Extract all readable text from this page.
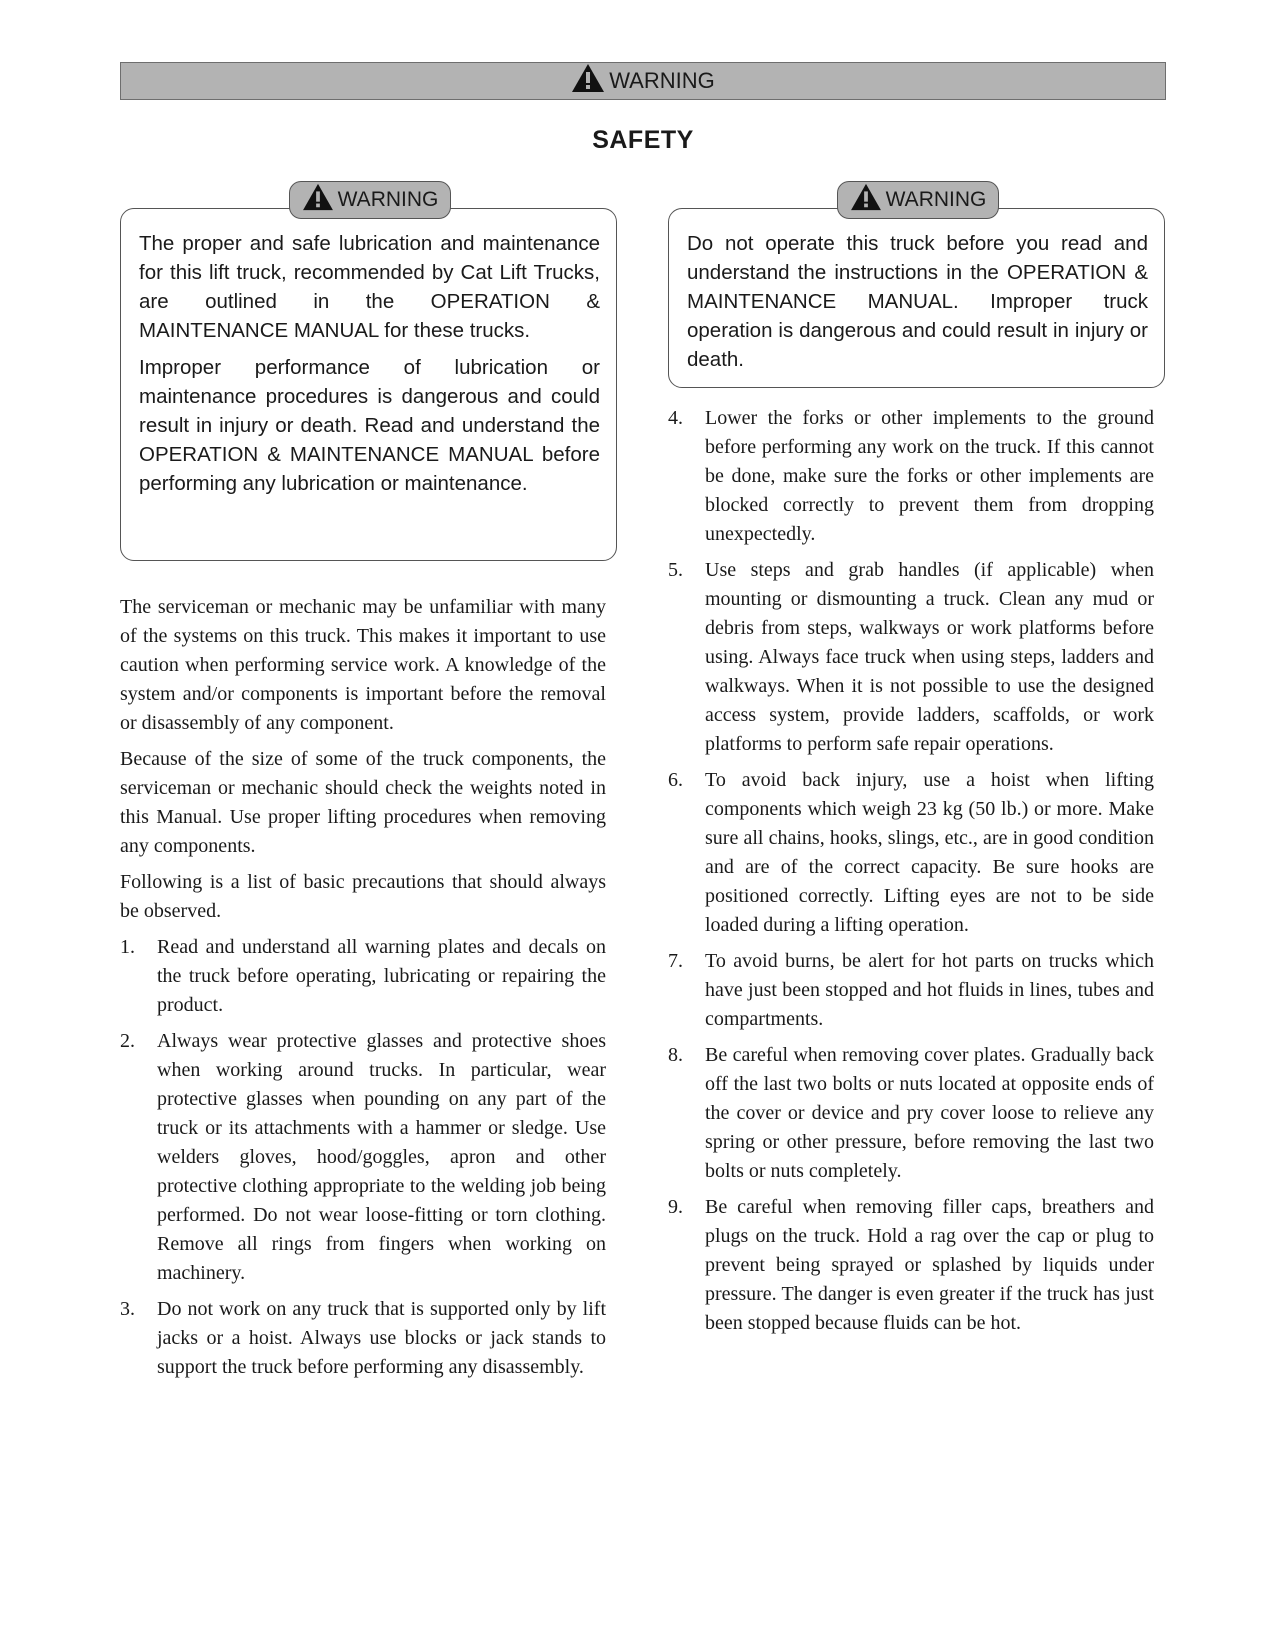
WARNING
SAFETY

The proper and safe lubrication and maintenance for this lift truck, recommended by Cat Lift Trucks, are outlined in the OPERATION & MAINTENANCE MANUAL for these trucks.

Improper performance of lubrication or maintenance procedures is dangerous and could result in injury or death. Read and understand the OPERATION & MAINTENANCE MANUAL before performing any lubrication or maintenance.

WARNING

Do not operate this truck before you read and understand the instructions in the OPERATION & MAINTENANCE MANUAL. Improper truck operation is dangerous and could result in injury or death.

WARNING

The serviceman or mechanic may be unfamiliar with many of the systems on this truck. This makes it important to use caution when performing service work. A knowledge of the system and/or components is important before the removal or disassembly of any component.

Because of the size of some of the truck components, the serviceman or mechanic should check the weights noted in this Manual. Use proper lifting procedures when removing any components.

Following is a list of basic precautions that should always be observed.

1.	Read and understand all warning plates and decals on the truck before operating, lubricating or repairing the product.
2.	Always wear protective glasses and protective shoes when working around trucks. In particular, wear protective glasses when pounding on any part of the truck or its attachments with a hammer or sledge. Use welders gloves, hood/goggles, apron and other protective clothing appropriate to the welding job being performed. Do not wear loose-fitting or torn clothing. Remove all rings from fingers when working on machinery.
3.	Do not work on any truck that is supported only by lift jacks or a hoist. Always use blocks or jack stands to support the truck before performing any disassembly.
4.	Lower the forks or other implements to the ground before performing any work on the truck. If this cannot be done, make sure the forks or other implements are blocked correctly to prevent them from dropping unexpectedly.
5.	Use steps and grab handles (if applicable) when mounting or dismounting a truck. Clean any mud or debris from steps, walkways or work platforms before using. Always face truck when using steps, ladders and walkways. When it is not possible to use the designed access system, provide ladders, scaffolds, or work platforms to perform safe repair operations.
6.	To avoid back injury, use a hoist when lifting components which weigh 23 kg (50 lb.) or more. Make sure all chains, hooks, slings, etc., are in good condition and are of the correct capacity. Be sure hooks are positioned correctly. Lifting eyes are not to be side loaded during a lifting operation.
7.	To avoid burns, be alert for hot parts on trucks which have just been stopped and hot fluids in lines, tubes and compartments.
8.	Be careful when removing cover plates. Gradually back off the last two bolts or nuts located at opposite ends of the cover or device and pry cover loose to relieve any spring or other pressure, before removing the last two bolts or nuts completely.
9.	Be careful when removing filler caps, breathers and plugs on the truck. Hold a rag over the cap or plug to prevent being sprayed or splashed by liquids under pressure. The danger is even greater if the truck has just been stopped because fluids can be hot.
